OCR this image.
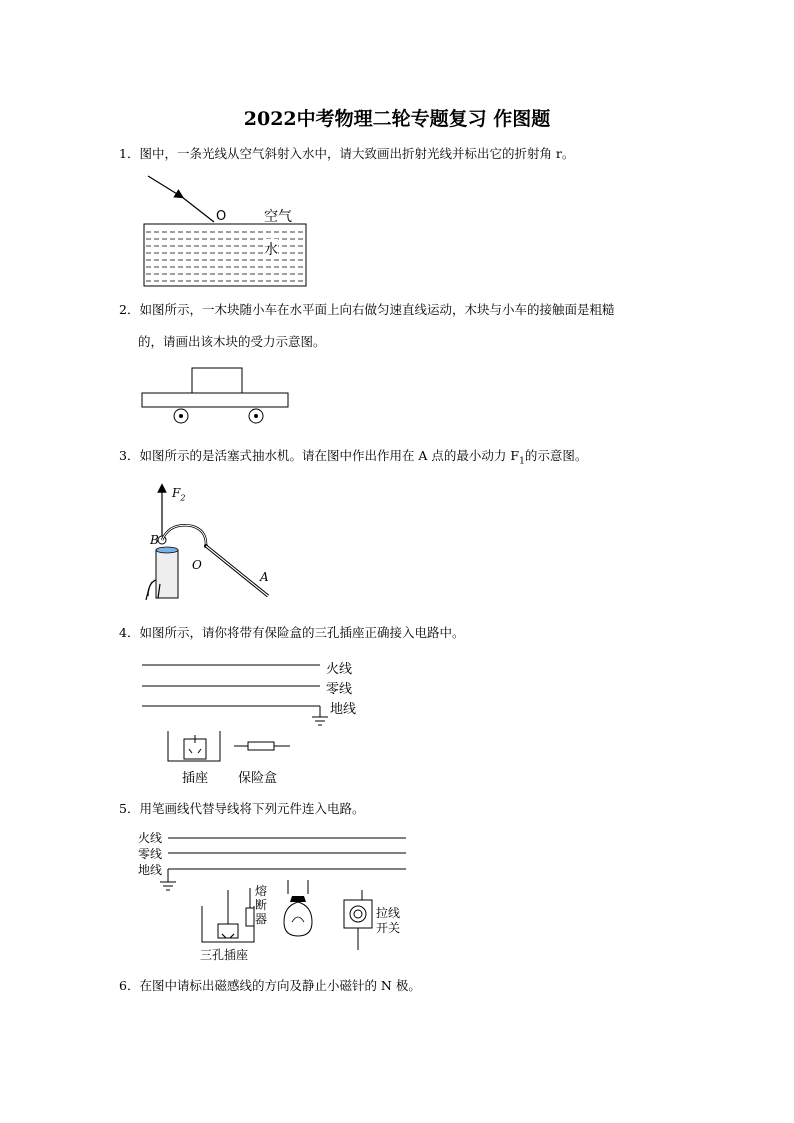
2022中考物理二轮专题复习 作图题
1．图中，一条光线从空气斜射入水中，请大致画出折射光线并标出它的折射角 r。
O	空气
水
2．如图所示，一木块随小车在水平面上向右做匀速直线运动，木块与小车的接触面是粗糙
的，请画出该木块的受力示意图。
3．如图所示的是活塞式抽水机。请在图中作出作用在 A 点的最小动力 $F_1$的示意图。
$F_2$
B
O
A
4．如图所示，请你将带有保险盒的三孔插座正确接入电路中。
火线
零线
地线
插座 保险盒
5．用笔画线代替导线将下列元件连入电路。
火线
零线
地线
熔
断
器
三孔插座
拉线
开关
6．在图中请标出磁感线的方向及静止小磁针的 N 极。
